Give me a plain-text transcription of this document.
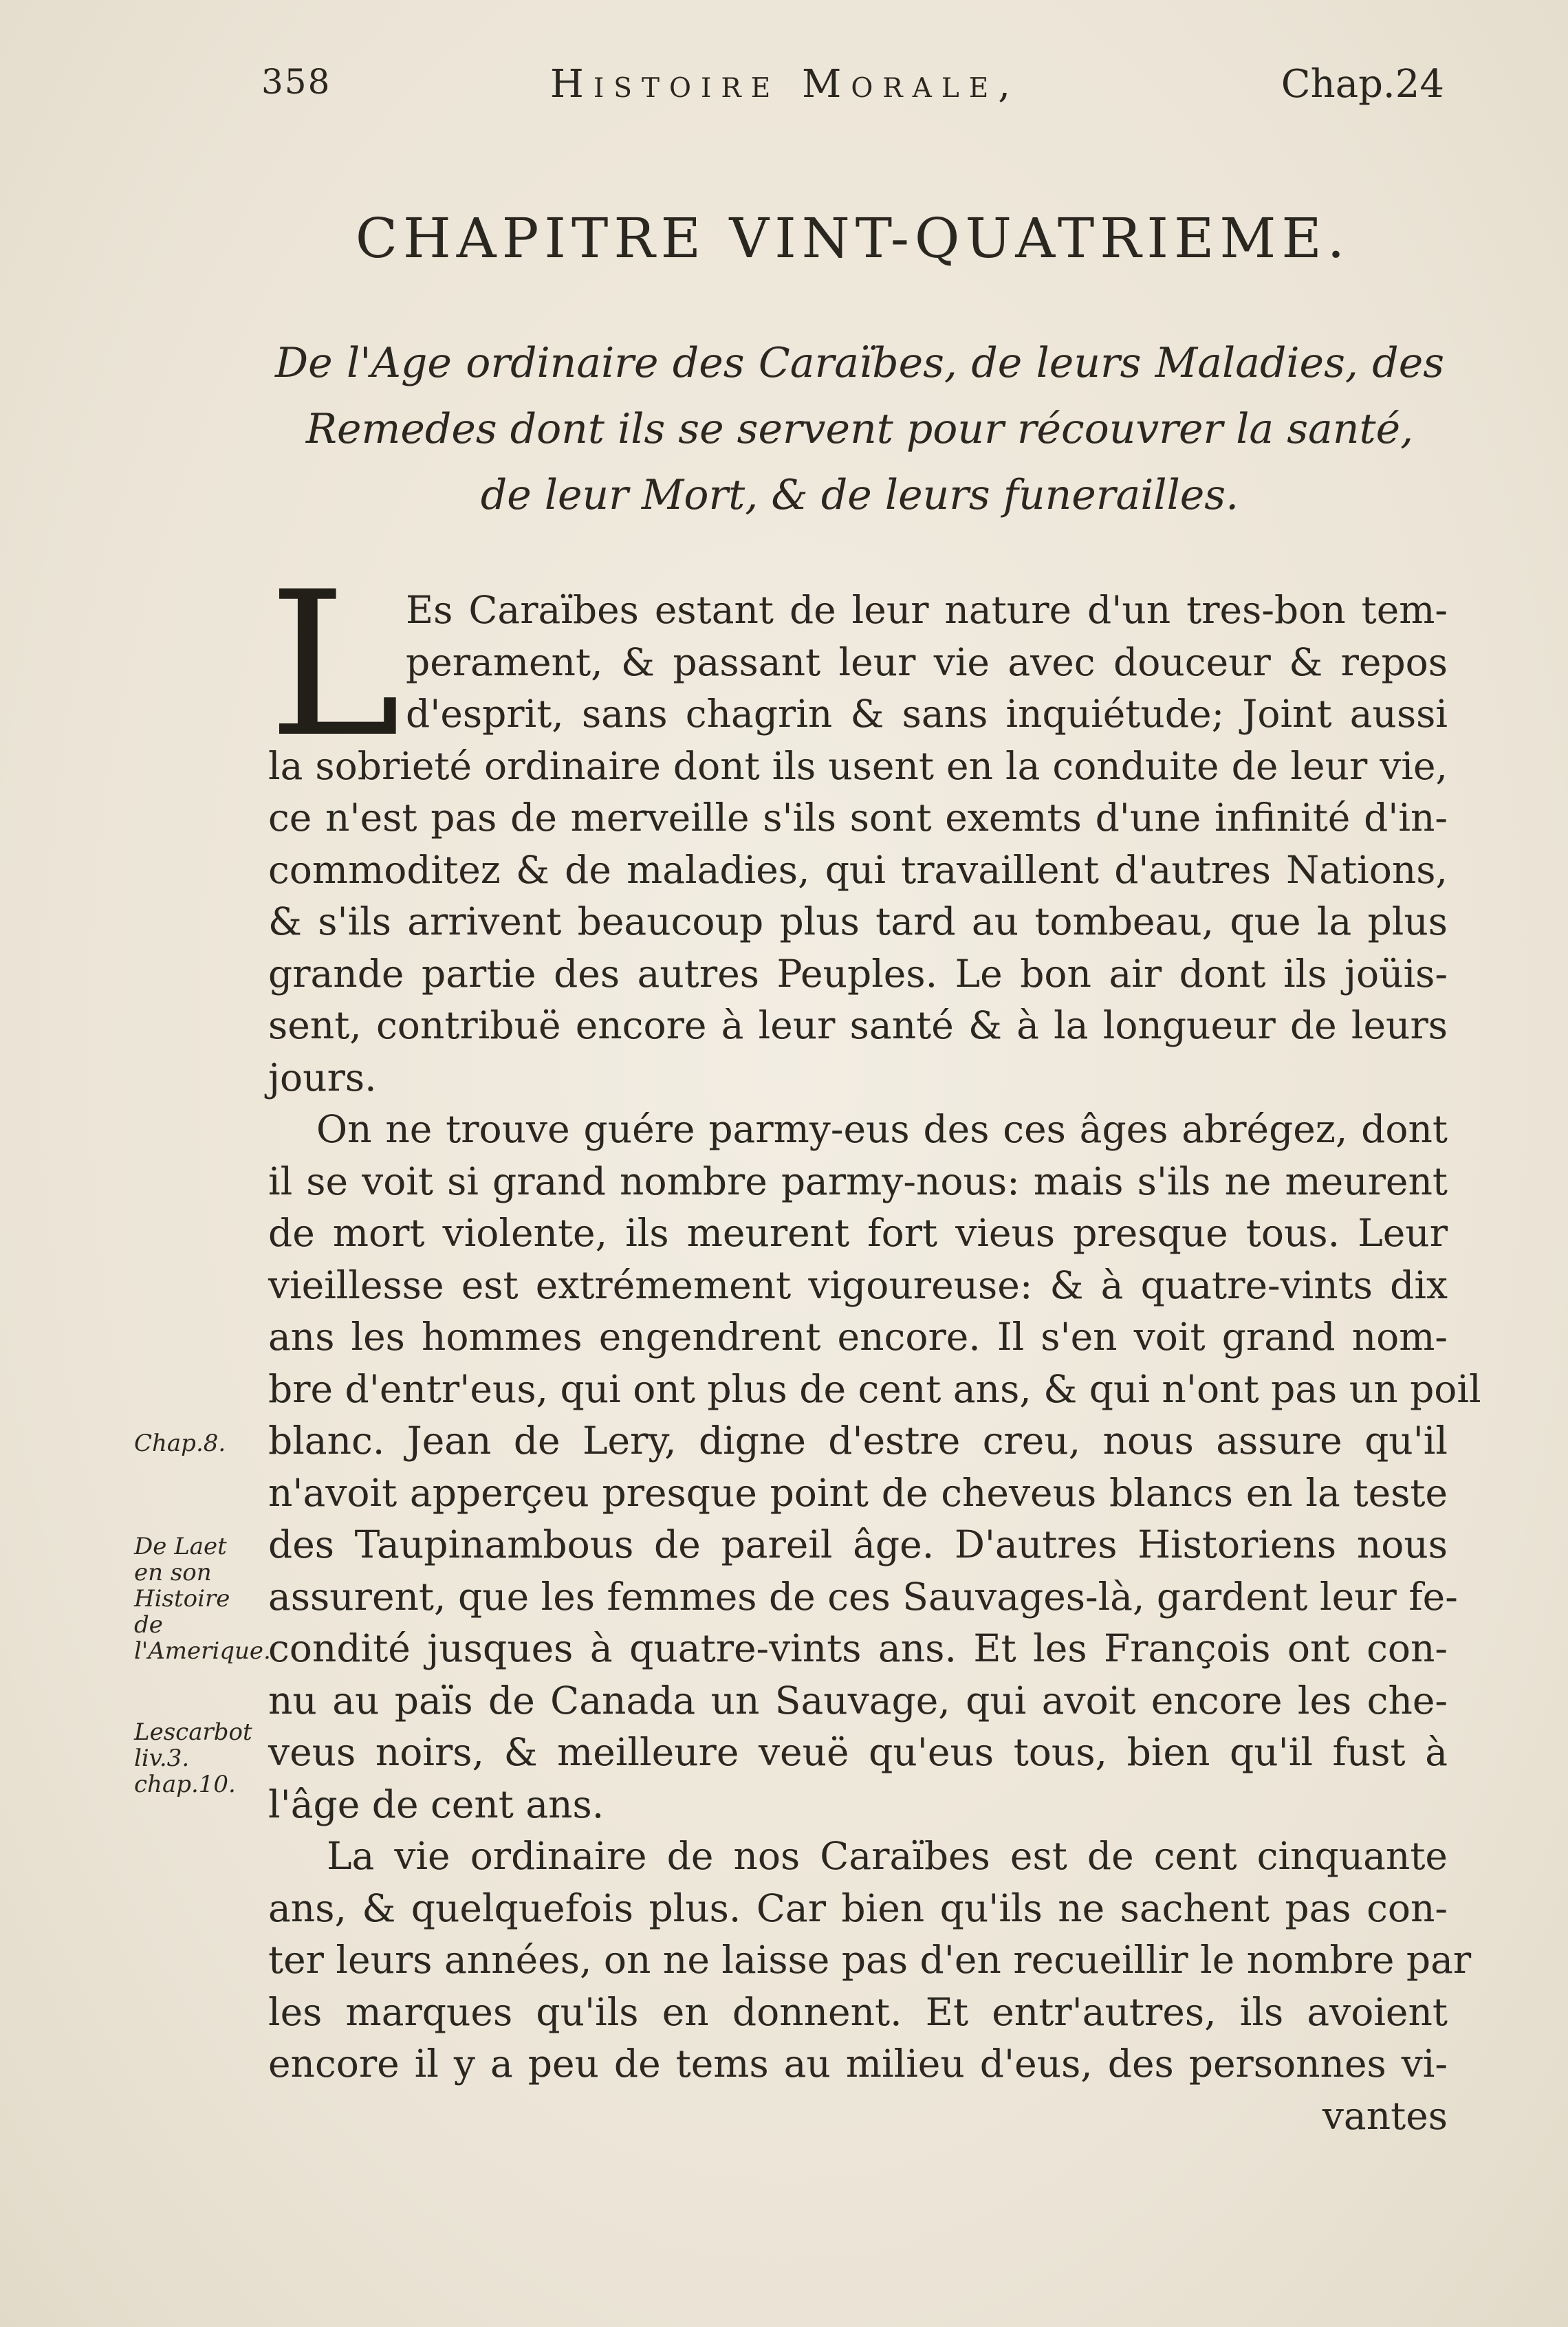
358	Histoire Morale,	Chap.24
CHAPITRE VINT-QUATRIEME.
De l'Age ordinaire des Caraïbes, de leurs Maladies, des
Remedes dont ils se servent pour récouvrer la santé,
de leur Mort, & de leurs funerailles.
L Es Caraïbes estant de leur nature d'un tres-bon tem-
perament, & passant leur vie avec douceur & repos
d'esprit, sans chagrin & sans inquiétude; Joint aussi
la sobrieté ordinaire dont ils usent en la conduite de leur vie,
ce n'est pas de merveille s'ils sont exemts d'une infinité d'in-
commoditez & de maladies, qui travaillent d'autres Nations,
& s'ils arrivent beaucoup plus tard au tombeau, que la plus
grande partie des autres Peuples. Le bon air dont ils joüis-
sent, contribuë encore à leur santé & à la longueur de leurs
jours.
On ne trouve guére parmy-eus des ces âges abrégez, dont
il se voit si grand nombre parmy-nous: mais s'ils ne meurent
de mort violente, ils meurent fort vieus presque tous. Leur
vieillesse est extrémement vigoureuse: & à quatre-vints dix
ans les hommes engendrent encore. Il s'en voit grand nom-
bre d'entr'eus, qui ont plus de cent ans, & qui n'ont pas un poil
blanc. Jean de Lery, digne d'estre creu, nous assure qu'il
n'avoit apperçeu presque point de cheveus blancs en la teste
des Taupinambous de pareil âge. D'autres Historiens nous
assurent, que les femmes de ces Sauvages-là, gardent leur fe-
condité jusques à quatre-vints ans. Et les François ont con-
nu au païs de Canada un Sauvage, qui avoit encore les che-
veus noirs, & meilleure veuë qu'eus tous, bien qu'il fust à
l'âge de cent ans.
La vie ordinaire de nos Caraïbes est de cent cinquante
ans, & quelquefois plus. Car bien qu'ils ne sachent pas con-
ter leurs années, on ne laisse pas d'en recueillir le nombre par
les marques qu'ils en donnent. Et entr'autres, ils avoient
encore il y a peu de tems au milieu d'eus, des personnes vi-
vantes
Chap.8.
De Laet en son Histoire de l'Amerique.
Lescarbot liv.3. chap.10.
